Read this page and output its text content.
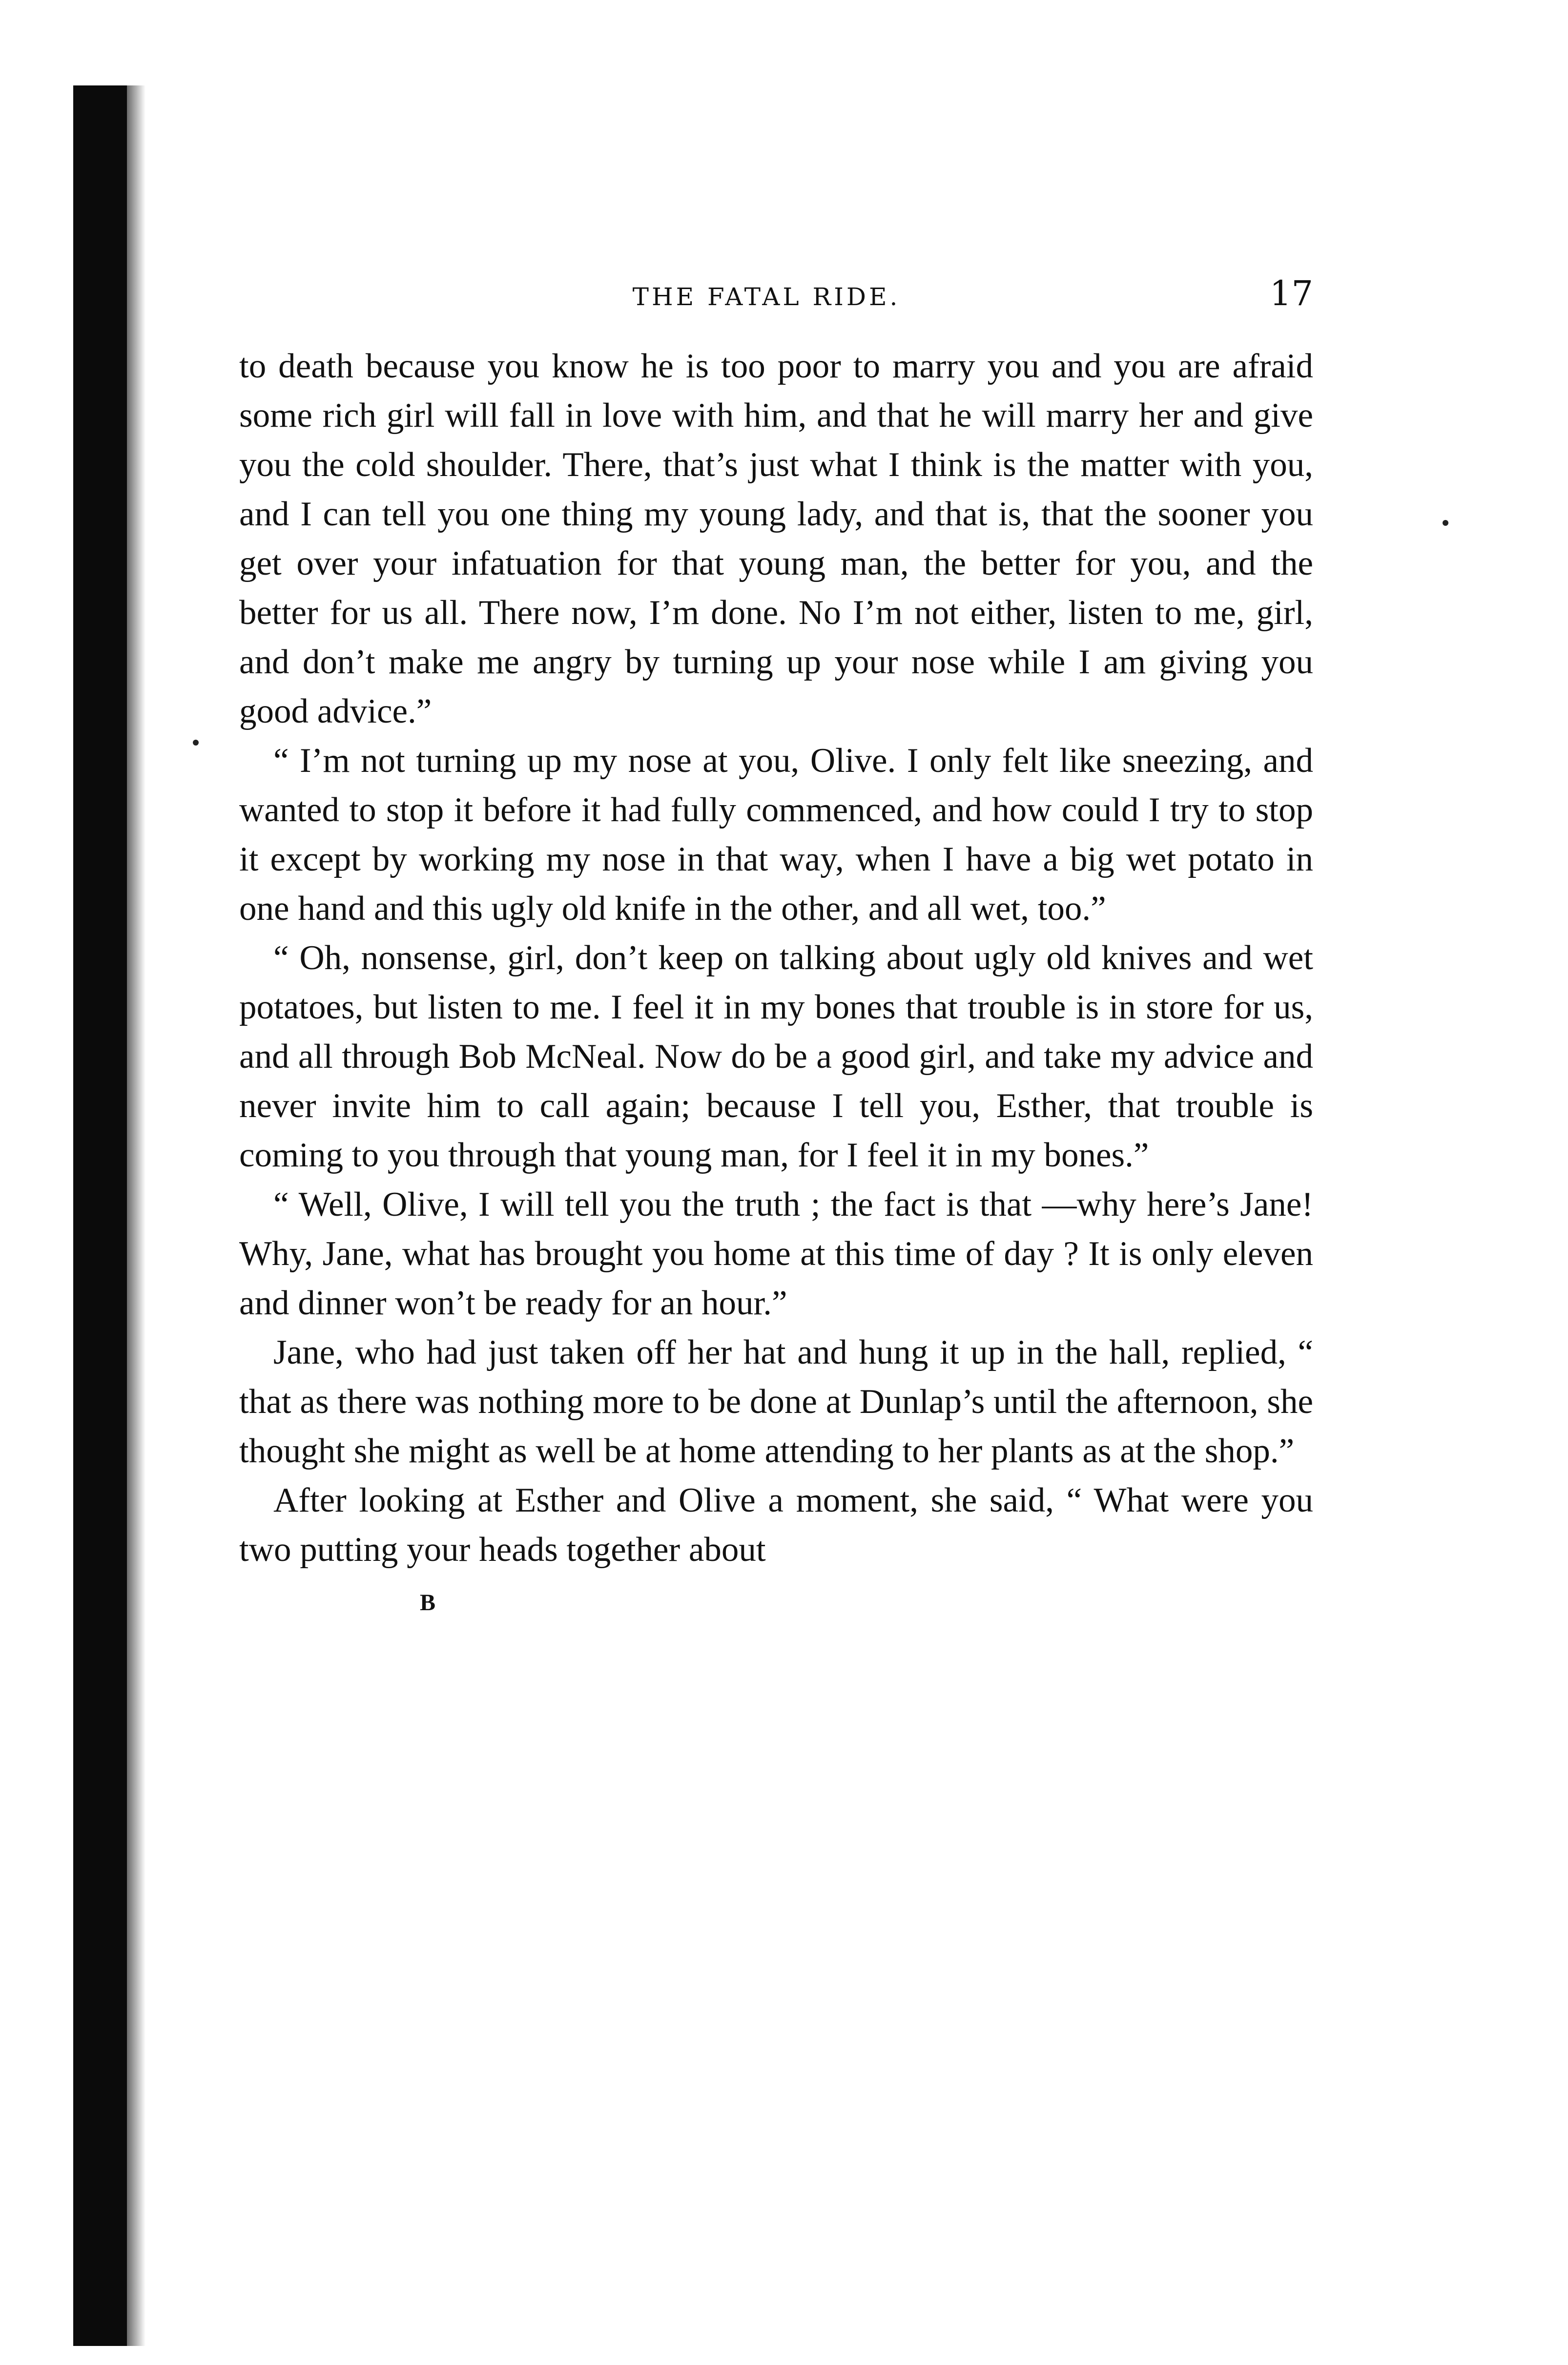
THE FATAL RIDE.	17

to death because you know he is too poor to marry you and you are afraid some rich girl will fall in love with him, and that he will marry her and give you the cold shoulder. There, that’s just what I think is the matter with you, and I can tell you one thing my young lady, and that is, that the sooner you get over your infatuation for that young man, the better for you, and the better for us all. There now, I’m done. No I’m not either, listen to me, girl, and don’t make me angry by turning up your nose while I am giving you good advice.”

“ I’m not turning up my nose at you, Olive. I only felt like sneezing, and wanted to stop it before it had fully commenced, and how could I try to stop it except by working my nose in that way, when I have a big wet potato in one hand and this ugly old knife in the other, and all wet, too.”

“ Oh, nonsense, girl, don’t keep on talking about ugly old knives and wet potatoes, but listen to me. I feel it in my bones that trouble is in store for us, and all through Bob McNeal. Now do be a good girl, and take my advice and never invite him to call again; because I tell you, Esther, that trouble is coming to you through that young man, for I feel it in my bones.”

“ Well, Olive, I will tell you the truth ; the fact is that —why here’s Jane! Why, Jane, what has brought you home at this time of day ? It is only eleven and dinner won’t be ready for an hour.”

Jane, who had just taken off her hat and hung it up in the hall, replied, “ that as there was nothing more to be done at Dunlap’s until the afternoon, she thought she might as well be at home attending to her plants as at the shop.”

After looking at Esther and Olive a moment, she said, “ What were you two putting your heads together about

B
